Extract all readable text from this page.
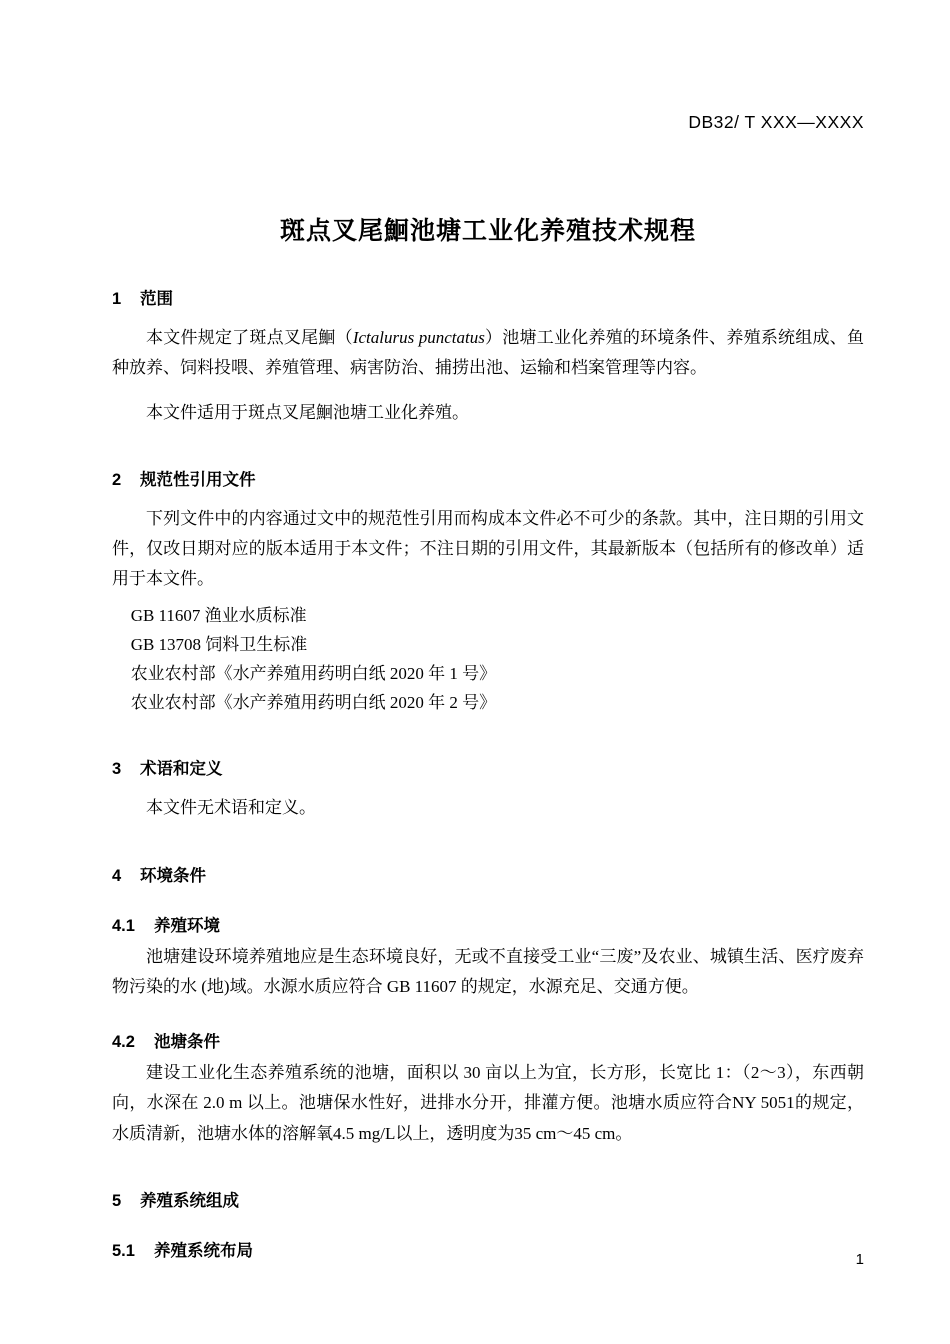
DB32/ T XXX—XXXX
斑点叉尾鮰池塘工业化养殖技术规程
1 范围

本文件规定了斑点叉尾鮰（Ictalurus punctatus）池塘工业化养殖的环境条件、养殖系统组成、鱼种放养、饲料投喂、养殖管理、病害防治、捕捞出池、运输和档案管理等内容。

本文件适用于斑点叉尾鮰池塘工业化养殖。

2 规范性引用文件

下列文件中的内容通过文中的规范性引用而构成本文件必不可少的条款。其中，注日期的引用文件，仅改日期对应的版本适用于本文件；不注日期的引用文件，其最新版本（包括所有的修改单）适用于本文件。

GB 11607 渔业水质标准
GB 13708 饲料卫生标准
农业农村部《水产养殖用药明白纸 2020 年 1 号》
农业农村部《水产养殖用药明白纸 2020 年 2 号》
3 术语和定义

本文件无术语和定义。

4 环境条件
4.1 养殖环境

池塘建设环境养殖地应是生态环境良好，无或不直接受工业“三废”及农业、城镇生活、医疗废弃物污染的水 (地)域。水源水质应符合 GB 11607 的规定，水源充足、交通方便。

4.2 池塘条件

建设工业化生态养殖系统的池塘，面积以 30 亩以上为宜，长方形，长宽比 1：（2～3），东西朝向，水深在 2.0 m 以上。池塘保水性好，进排水分开，排灌方便。池塘水质应符合NY 5051的规定，水质清新，池塘水体的溶解氧4.5 mg/L以上，透明度为35 cm～45 cm。

5 养殖系统组成
5.1 养殖系统布局	1
